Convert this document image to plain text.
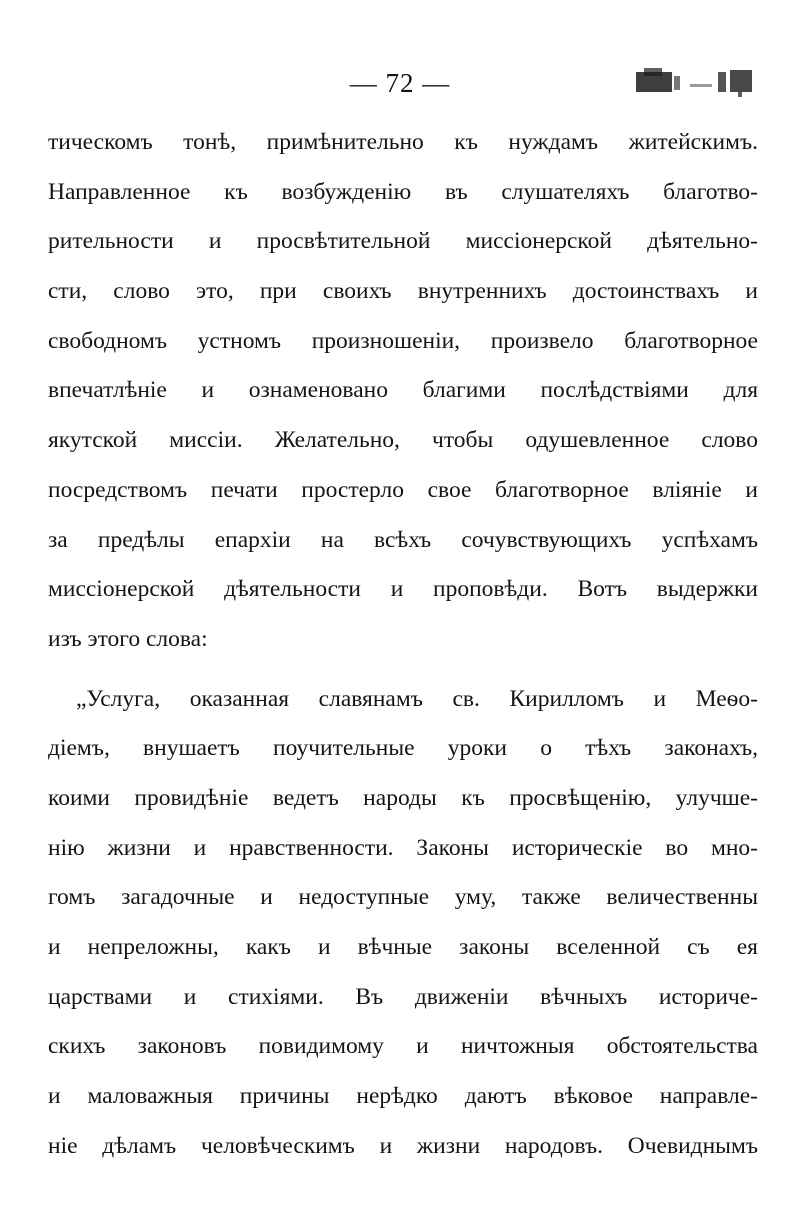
— 72 —
тическомъ тонѣ, примѣнительно къ нуждамъ житейскимъ.
Направленное къ возбужденію въ слушателяхъ благотво-
рительности и просвѣтительной миссіонерской дѣятельно-
сти, слово это, при своихъ внутреннихъ достоинствахъ и
свободномъ устномъ произношеніи, произвело благотворное
впечатлѣніе и ознаменовано благими послѣдствіями для
якутской миссіи. Желательно, чтобы одушевленное слово
посредствомъ печати простерло свое благотворное вліяніе и
за предѣлы епархіи на всѣхъ сочувствующихъ успѣхамъ
миссіонерской дѣятельности и проповѣди. Вотъ выдержки
изъ этого слова:
„Услуга, оказанная славянамъ св. Кирилломъ и Меѳо-
діемъ, внушаетъ поучительные уроки о тѣхъ законахъ,
коими провидѣніе ведетъ народы къ просвѣщенію, улучше-
нію жизни и нравственности. Законы историческіе во мно-
гомъ загадочные и недоступные уму, также величественны
и непреложны, какъ и вѣчные законы вселенной съ ея
царствами и стихіями. Въ движеніи вѣчныхъ историче-
скихъ законовъ повидимому и ничтожныя обстоятельства
и маловажныя причины нерѣдко даютъ вѣковое направле-
ніе дѣламъ человѣческимъ и жизни народовъ. Очевиднымъ
